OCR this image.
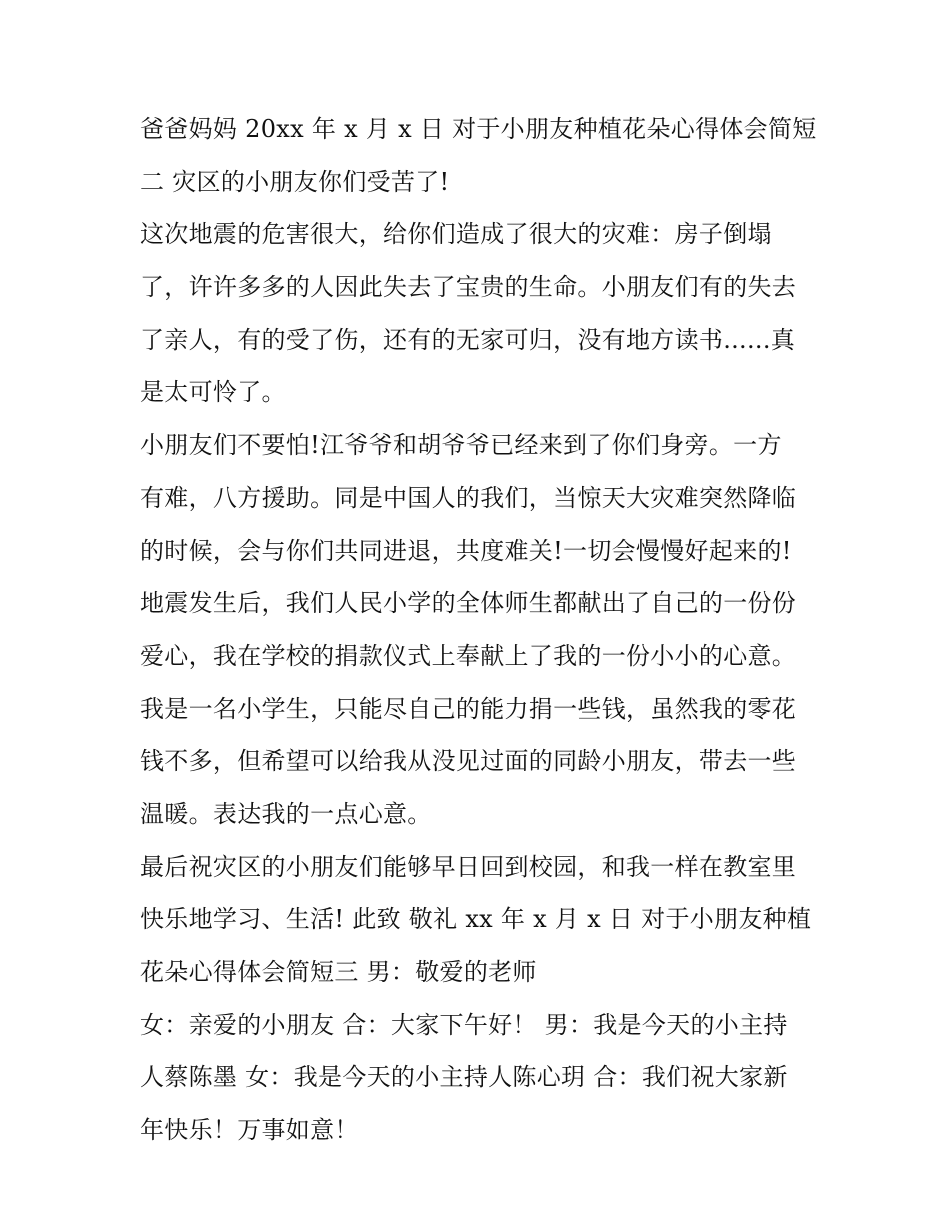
爸爸妈妈 20xx 年 x 月 x 日 对于小朋友种植花朵心得体会简短
二 灾区的小朋友你们受苦了!
这次地震的危害很大，给你们造成了很大的灾难：房子倒塌
了，许许多多的人因此失去了宝贵的生命。小朋友们有的失去
了亲人，有的受了伤，还有的无家可归，没有地方读书......真
是太可怜了。
小朋友们不要怕!江爷爷和胡爷爷已经来到了你们身旁。一方
有难，八方援助。同是中国人的我们，当惊天大灾难突然降临
的时候，会与你们共同进退，共度难关!一切会慢慢好起来的!
地震发生后，我们人民小学的全体师生都献出了自己的一份份
爱心，我在学校的捐款仪式上奉献上了我的一份小小的心意。
我是一名小学生，只能尽自己的能力捐一些钱，虽然我的零花
钱不多，但希望可以给我从没见过面的同龄小朋友，带去一些
温暖。表达我的一点心意。
最后祝灾区的小朋友们能够早日回到校园，和我一样在教室里
快乐地学习、生活! 此致 敬礼 xx 年 x 月 x 日 对于小朋友种植
花朵心得体会简短三 男：敬爱的老师
女：亲爱的小朋友 合：大家下午好！ 男：我是今天的小主持
人蔡陈墨 女：我是今天的小主持人陈心玥 合：我们祝大家新
年快乐！万事如意！
